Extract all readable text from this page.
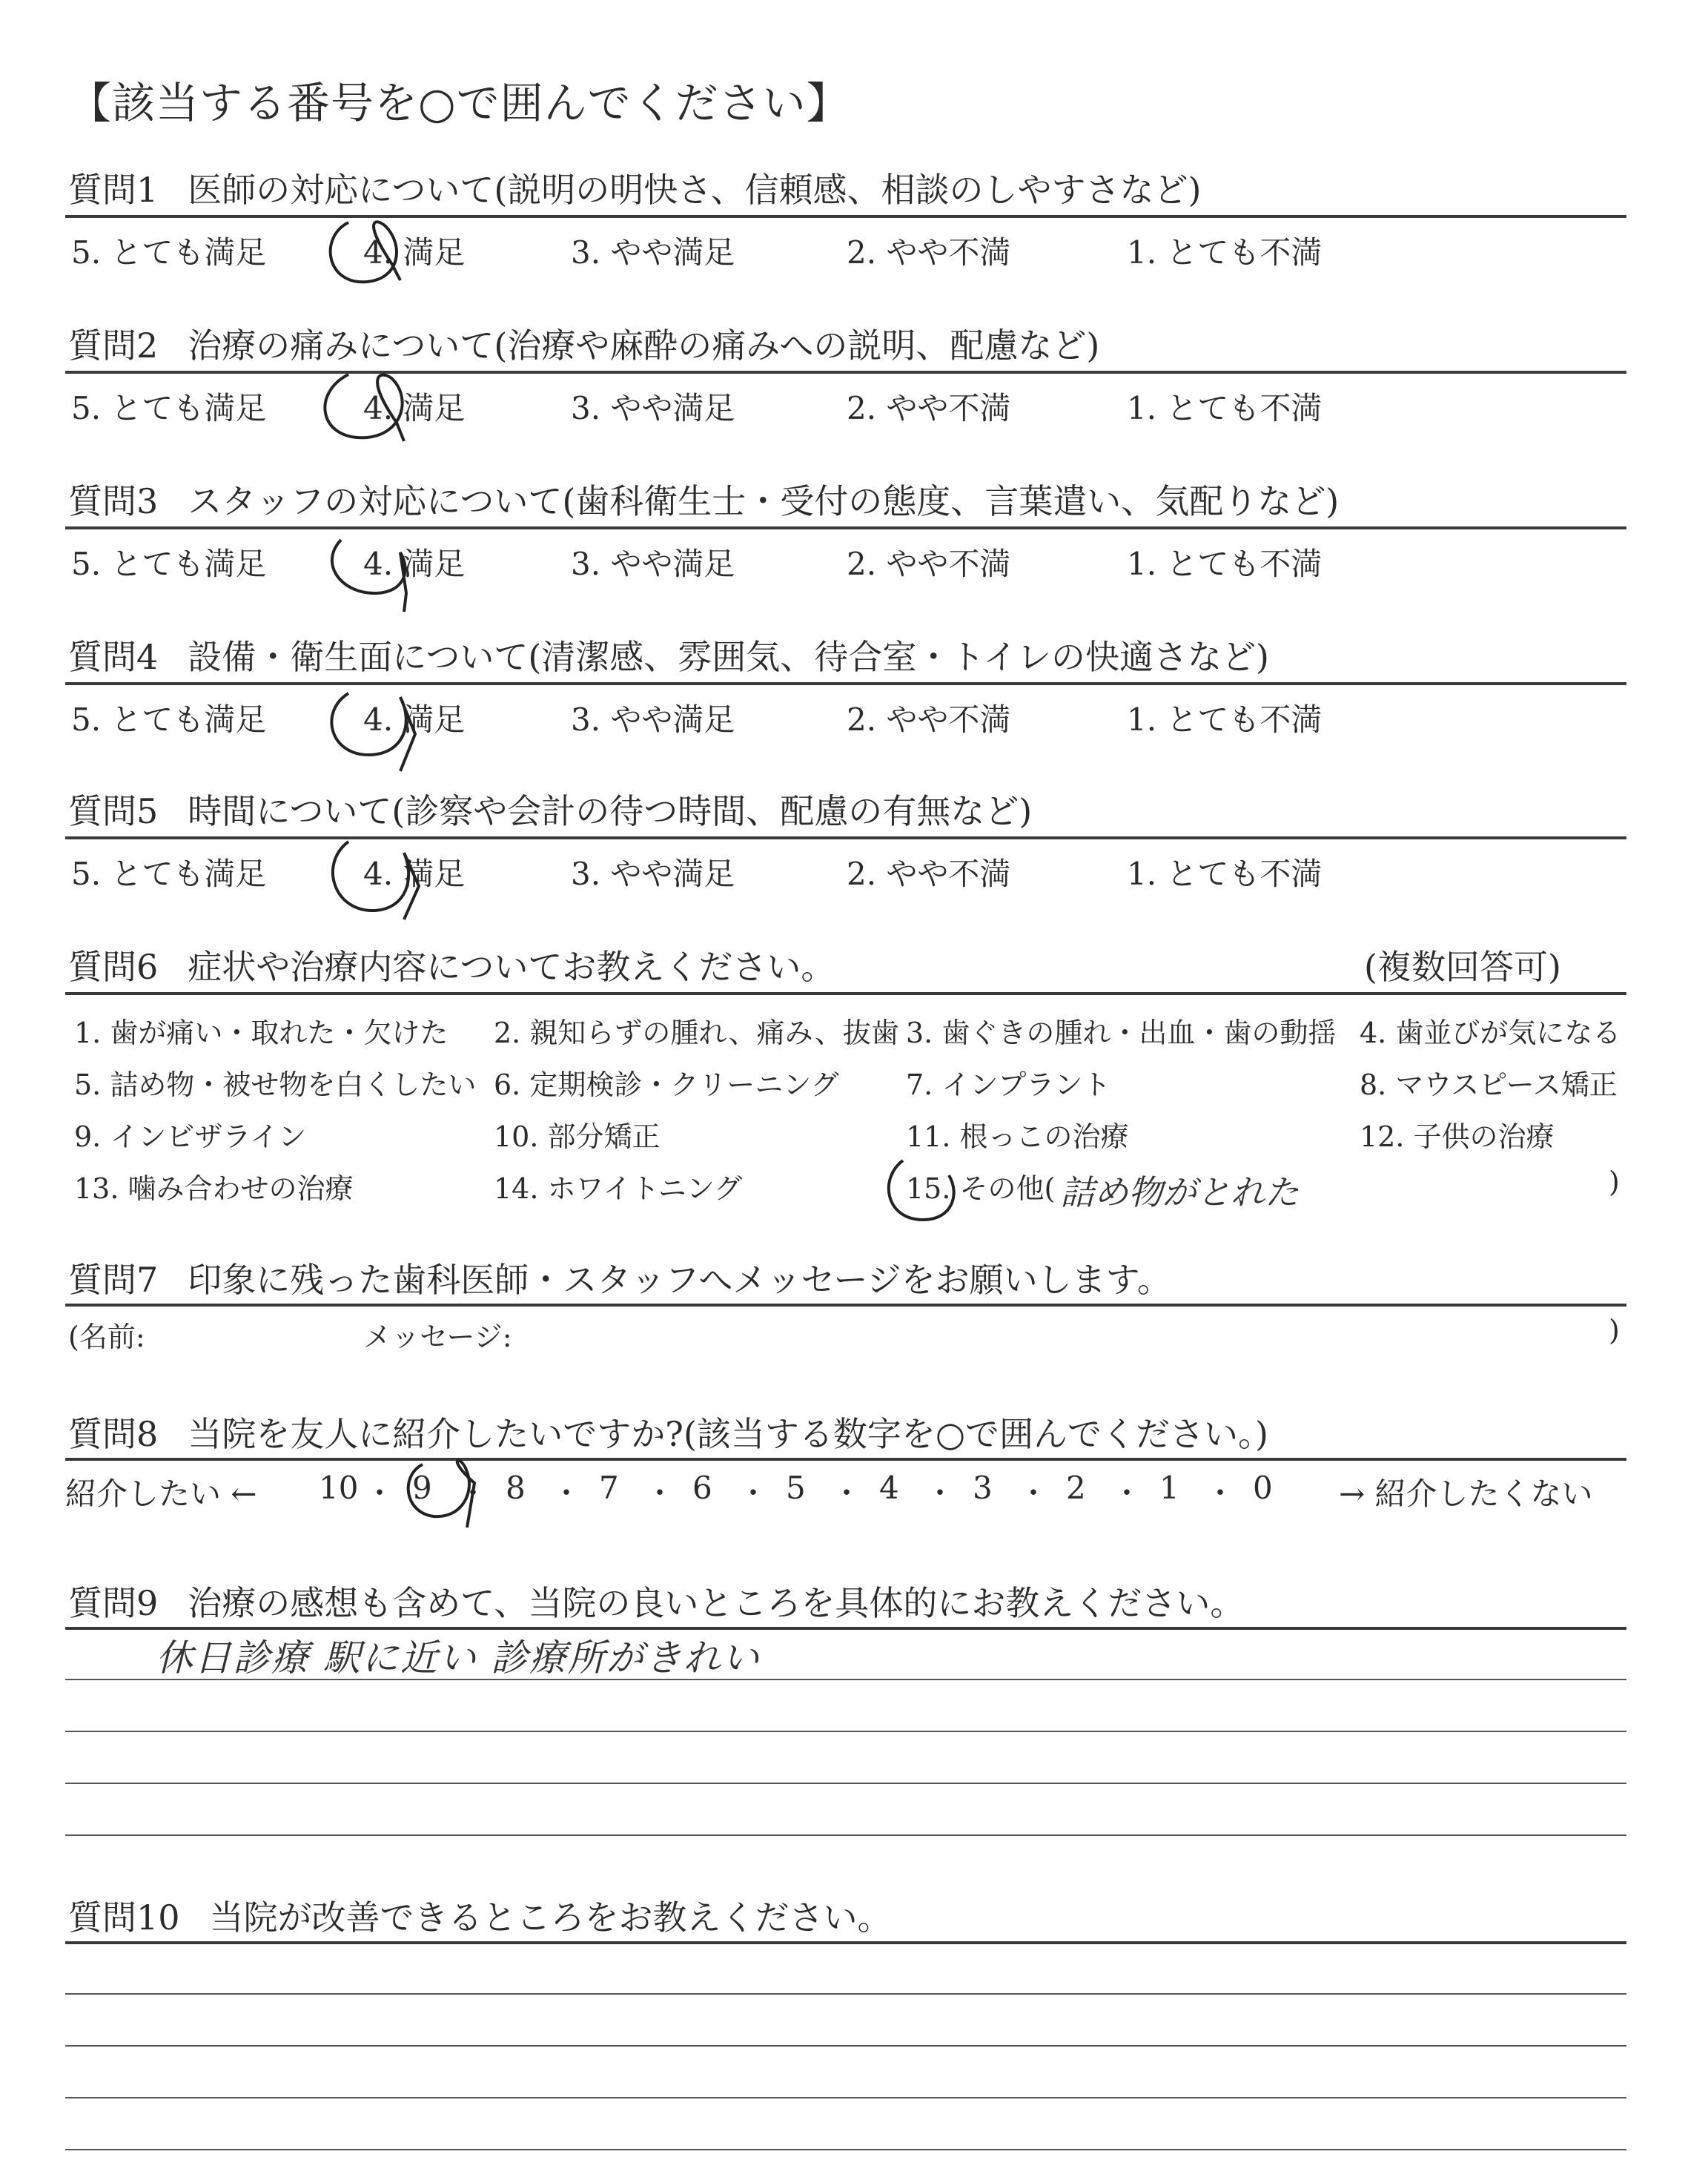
【該当する番号を○で囲んでください】
質問1 医師の対応について(説明の明快さ、信頼感、相談のしやすさなど)
5. とても満足	4. 満足	3. やや満足	2. やや不満	1. とても不満
質問2 治療の痛みについて(治療や麻酔の痛みへの説明、配慮など)
5. とても満足	4. 満足	3. やや満足	2. やや不満	1. とても不満
質問3 スタッフの対応について(歯科衛生士・受付の態度、言葉遣い、気配りなど)
5. とても満足	4. 満足	3. やや満足	2. やや不満	1. とても不満
質問4 設備・衛生面について(清潔感、雰囲気、待合室・トイレの快適さなど)
5. とても満足	4. 満足	3. やや満足	2. やや不満	1. とても不満
質問5 時間について(診察や会計の待つ時間、配慮の有無など)
5. とても満足	4. 満足	3. やや満足	2. やや不満	1. とても不満
質問6 症状や治療内容についてお教えください。	(複数回答可)
1. 歯が痛い・取れた・欠けた 2. 親知らずの腫れ、痛み、抜歯 3. 歯ぐきの腫れ・出血・歯の動揺 4. 歯並びが気になる
5. 詰め物・被せ物を白くしたい 6. 定期検診・クリーニング 7. インプラント	8. マウスピース矯正
9. インビザライン	10. 部分矯正	11. 根っこの治療	12. 子供の治療
13. 噛み合わせの治療	14. ホワイトニング	15. その他( 詰め物がとれた	)
質問7 印象に残った歯科医師・スタッフへメッセージをお願いします。
(名前:	メッセージ:	)
質問8 当院を友人に紹介したいですか?(該当する数字を○で囲んでください。)
紹介したい ← 10 ・ 9 ・ 8 ・ 7 ・ 6 ・ 5 ・ 4 ・ 3 ・ 2 ・ 1 ・ 0 → 紹介したくない
質問9 治療の感想も含めて、当院の良いところを具体的にお教えください。
休日診療 駅に近い 診療所がきれい
質問10 当院が改善できるところをお教えください。
